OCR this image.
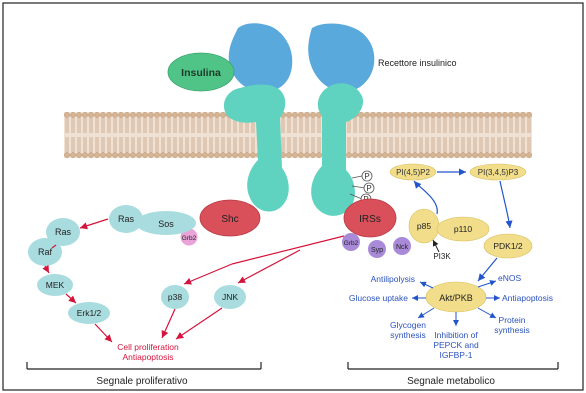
Insulina
Recettore insulinico
P
P
PI(4,5)P2	PI(3,4,5)P3
IRSs
Grb2
Syp Nck
p85	p110
PI3K
PDK1/2
Akt/PKB
Antilipolysis
Glucose uptake
Glycogen
synthesis Inhibition of
PEPCK and
IGFBP-1
Protein
synthesis
Antiapoptosis
eNOS
Shc
Grb2
Sos
Ras
Ras
Raf
MEK
Erk1/2
p38	JNK
Cell proliferation
Antiapoptosis
Segnale proliferativo	Segnale metabolico
